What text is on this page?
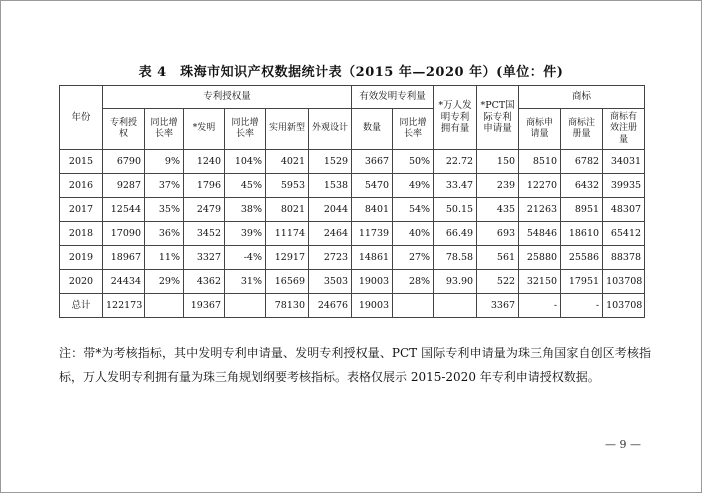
表 4　珠海市知识产权数据统计表（2015 年—2020 年）(单位：件)
年份	专利授权量						有效发明专利量		*万人发明专利拥有量	*PCT国际专利申请量	商标		
	专利授权	同比增长率	*发明	同比增长率	实用新型	外观设计	数量	同比增长率			商标申请量	商标注册量	商标有效注册量
2015	6790	9%	1240	104%	4021	1529	3667	50%	22.72	150	8510	6782	34031
2016	9287	37%	1796	45%	5953	1538	5470	49%	33.47	239	12270	6432	39935
2017	12544	35%	2479	38%	8021	2044	8401	54%	50.15	435	21263	8951	48307
2018	17090	36%	3452	39%	11174	2464	11739	40%	66.49	693	54846	18610	65412
2019	18967	11%	3327	-4%	12917	2723	14861	27%	78.58	561	25880	25586	88378
2020	24434	29%	4362	31%	16569	3503	19003	28%	93.90	522	32150	17951	103708
总计	122173		19367		78130	24676	19003			3367	-	-	103708
注：带*为考核指标，其中发明专利申请量、发明专利授权量、PCT 国际专利申请量为珠三角国家自创区考核指标，万人发明专利拥有量为珠三角规划纲要考核指标。表格仅展示 2015-2020 年专利申请授权数据。
— 9 —
